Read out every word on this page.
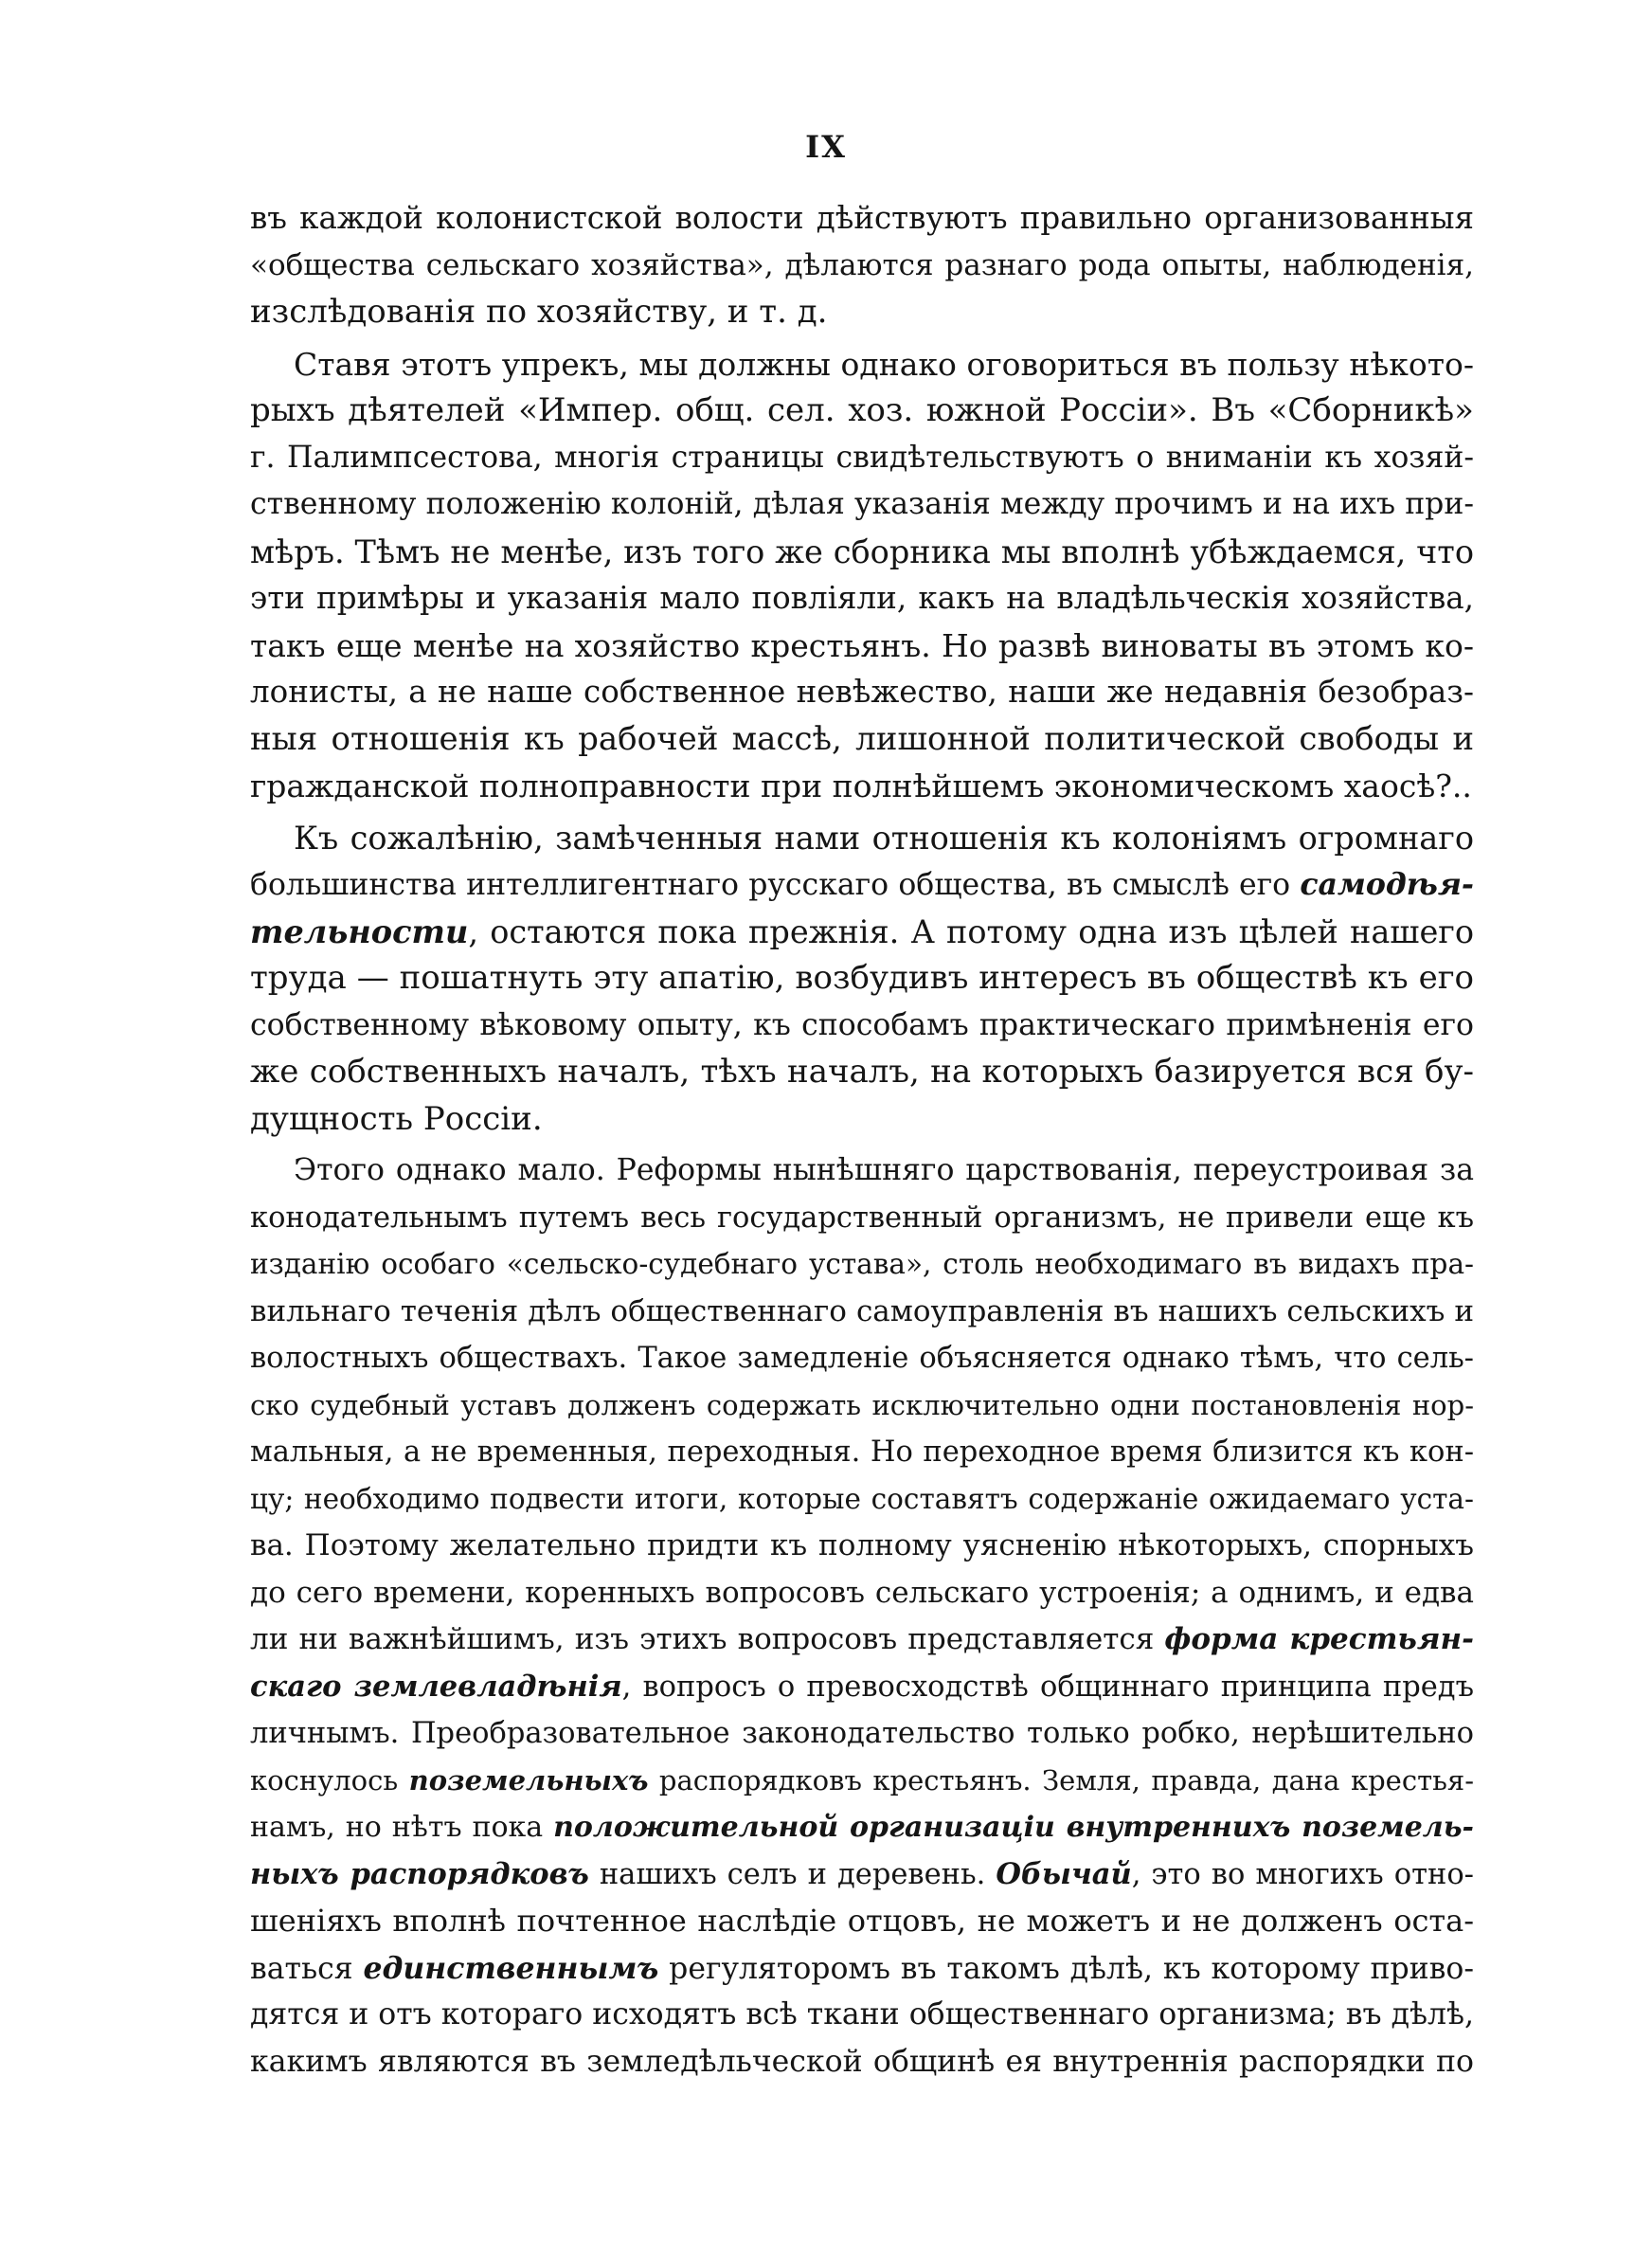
IX
въ каждой колонистской волости дѣйствуютъ правильно организованныя
«общества сельскаго хозяйства», дѣлаются разнаго рода опыты, наблюденія,
изслѣдованія по хозяйству, и т. д.
Ставя этотъ упрекъ, мы должны однако оговориться въ пользу нѣкото-
рыхъ дѣятелей «Импер. общ. сел. хоз. южной Россіи». Въ «Сборникѣ»
г. Палимпсестова, многія страницы свидѣтельствуютъ о вниманіи къ хозяй-
ственному положенію колоній, дѣлая указанія между прочимъ и на ихъ при-
мѣръ. Тѣмъ не менѣе, изъ того же сборника мы вполнѣ убѣждаемся, что
эти примѣры и указанія мало повліяли, какъ на владѣльческія хозяйства,
такъ еще менѣе на хозяйство крестьянъ. Но развѣ виноваты въ этомъ ко-
лонисты, а не наше собственное невѣжество, наши же недавнія безобраз-
ныя отношенія къ рабочей массѣ, лишонной политической свободы и
гражданской полноправности при полнѣйшемъ экономическомъ хаосѣ?..
Къ сожалѣнію, замѣченныя нами отношенія къ колоніямъ огромнаго
большинства интеллигентнаго русскаго общества, въ смыслѣ его самодѣя-
тельности, остаются пока прежнія. А потому одна изъ цѣлей нашего
труда — пошатнуть эту апатію, возбудивъ интересъ въ обществѣ къ его
собственному вѣковому опыту, къ способамъ практическаго примѣненія его
же собственныхъ началъ, тѣхъ началъ, на которыхъ базируется вся бу-
дущность Россіи.
Этого однако мало. Реформы нынѣшняго царствованія, переустроивая за
конодательнымъ путемъ весь государственный организмъ, не привели еще къ
изданію особаго «сельско-судебнаго устава», столь необходимаго въ видахъ пра-
вильнаго теченія дѣлъ общественнаго самоуправленія въ нашихъ сельскихъ и
волостныхъ обществахъ. Такое замедленіе объясняется однако тѣмъ, что сель-
ско судебный уставъ долженъ содержать исключительно одни постановленія нор-
мальныя, а не временныя, переходныя. Но переходное время близится къ кон-
цу; необходимо подвести итоги, которые составятъ содержаніе ожидаемаго уста-
ва. Поэтому желательно придти къ полному уясненію нѣкоторыхъ, спорныхъ
до сего времени, коренныхъ вопросовъ сельскаго устроенія; а однимъ, и едва
ли ни важнѣйшимъ, изъ этихъ вопросовъ представляется форма крестьян-
скаго землевладѣнія, вопросъ о превосходствѣ общиннаго принципа предъ
личнымъ. Преобразовательное законодательство только робко, нерѣшительно
коснулось поземельныхъ распорядковъ крестьянъ. Земля, правда, дана крестья-
намъ, но нѣтъ пока положительной организаціи внутреннихъ поземель-
ныхъ распорядковъ нашихъ селъ и деревень. Обычай, это во многихъ отно-
шеніяхъ вполнѣ почтенное наслѣдіе отцовъ, не можетъ и не долженъ оста-
ваться единственнымъ регуляторомъ въ такомъ дѣлѣ, къ которому приво-
дятся и отъ котораго исходятъ всѣ ткани общественнаго организма; въ дѣлѣ,
какимъ являются въ земледѣльческой общинѣ ея внутреннія распорядки по
